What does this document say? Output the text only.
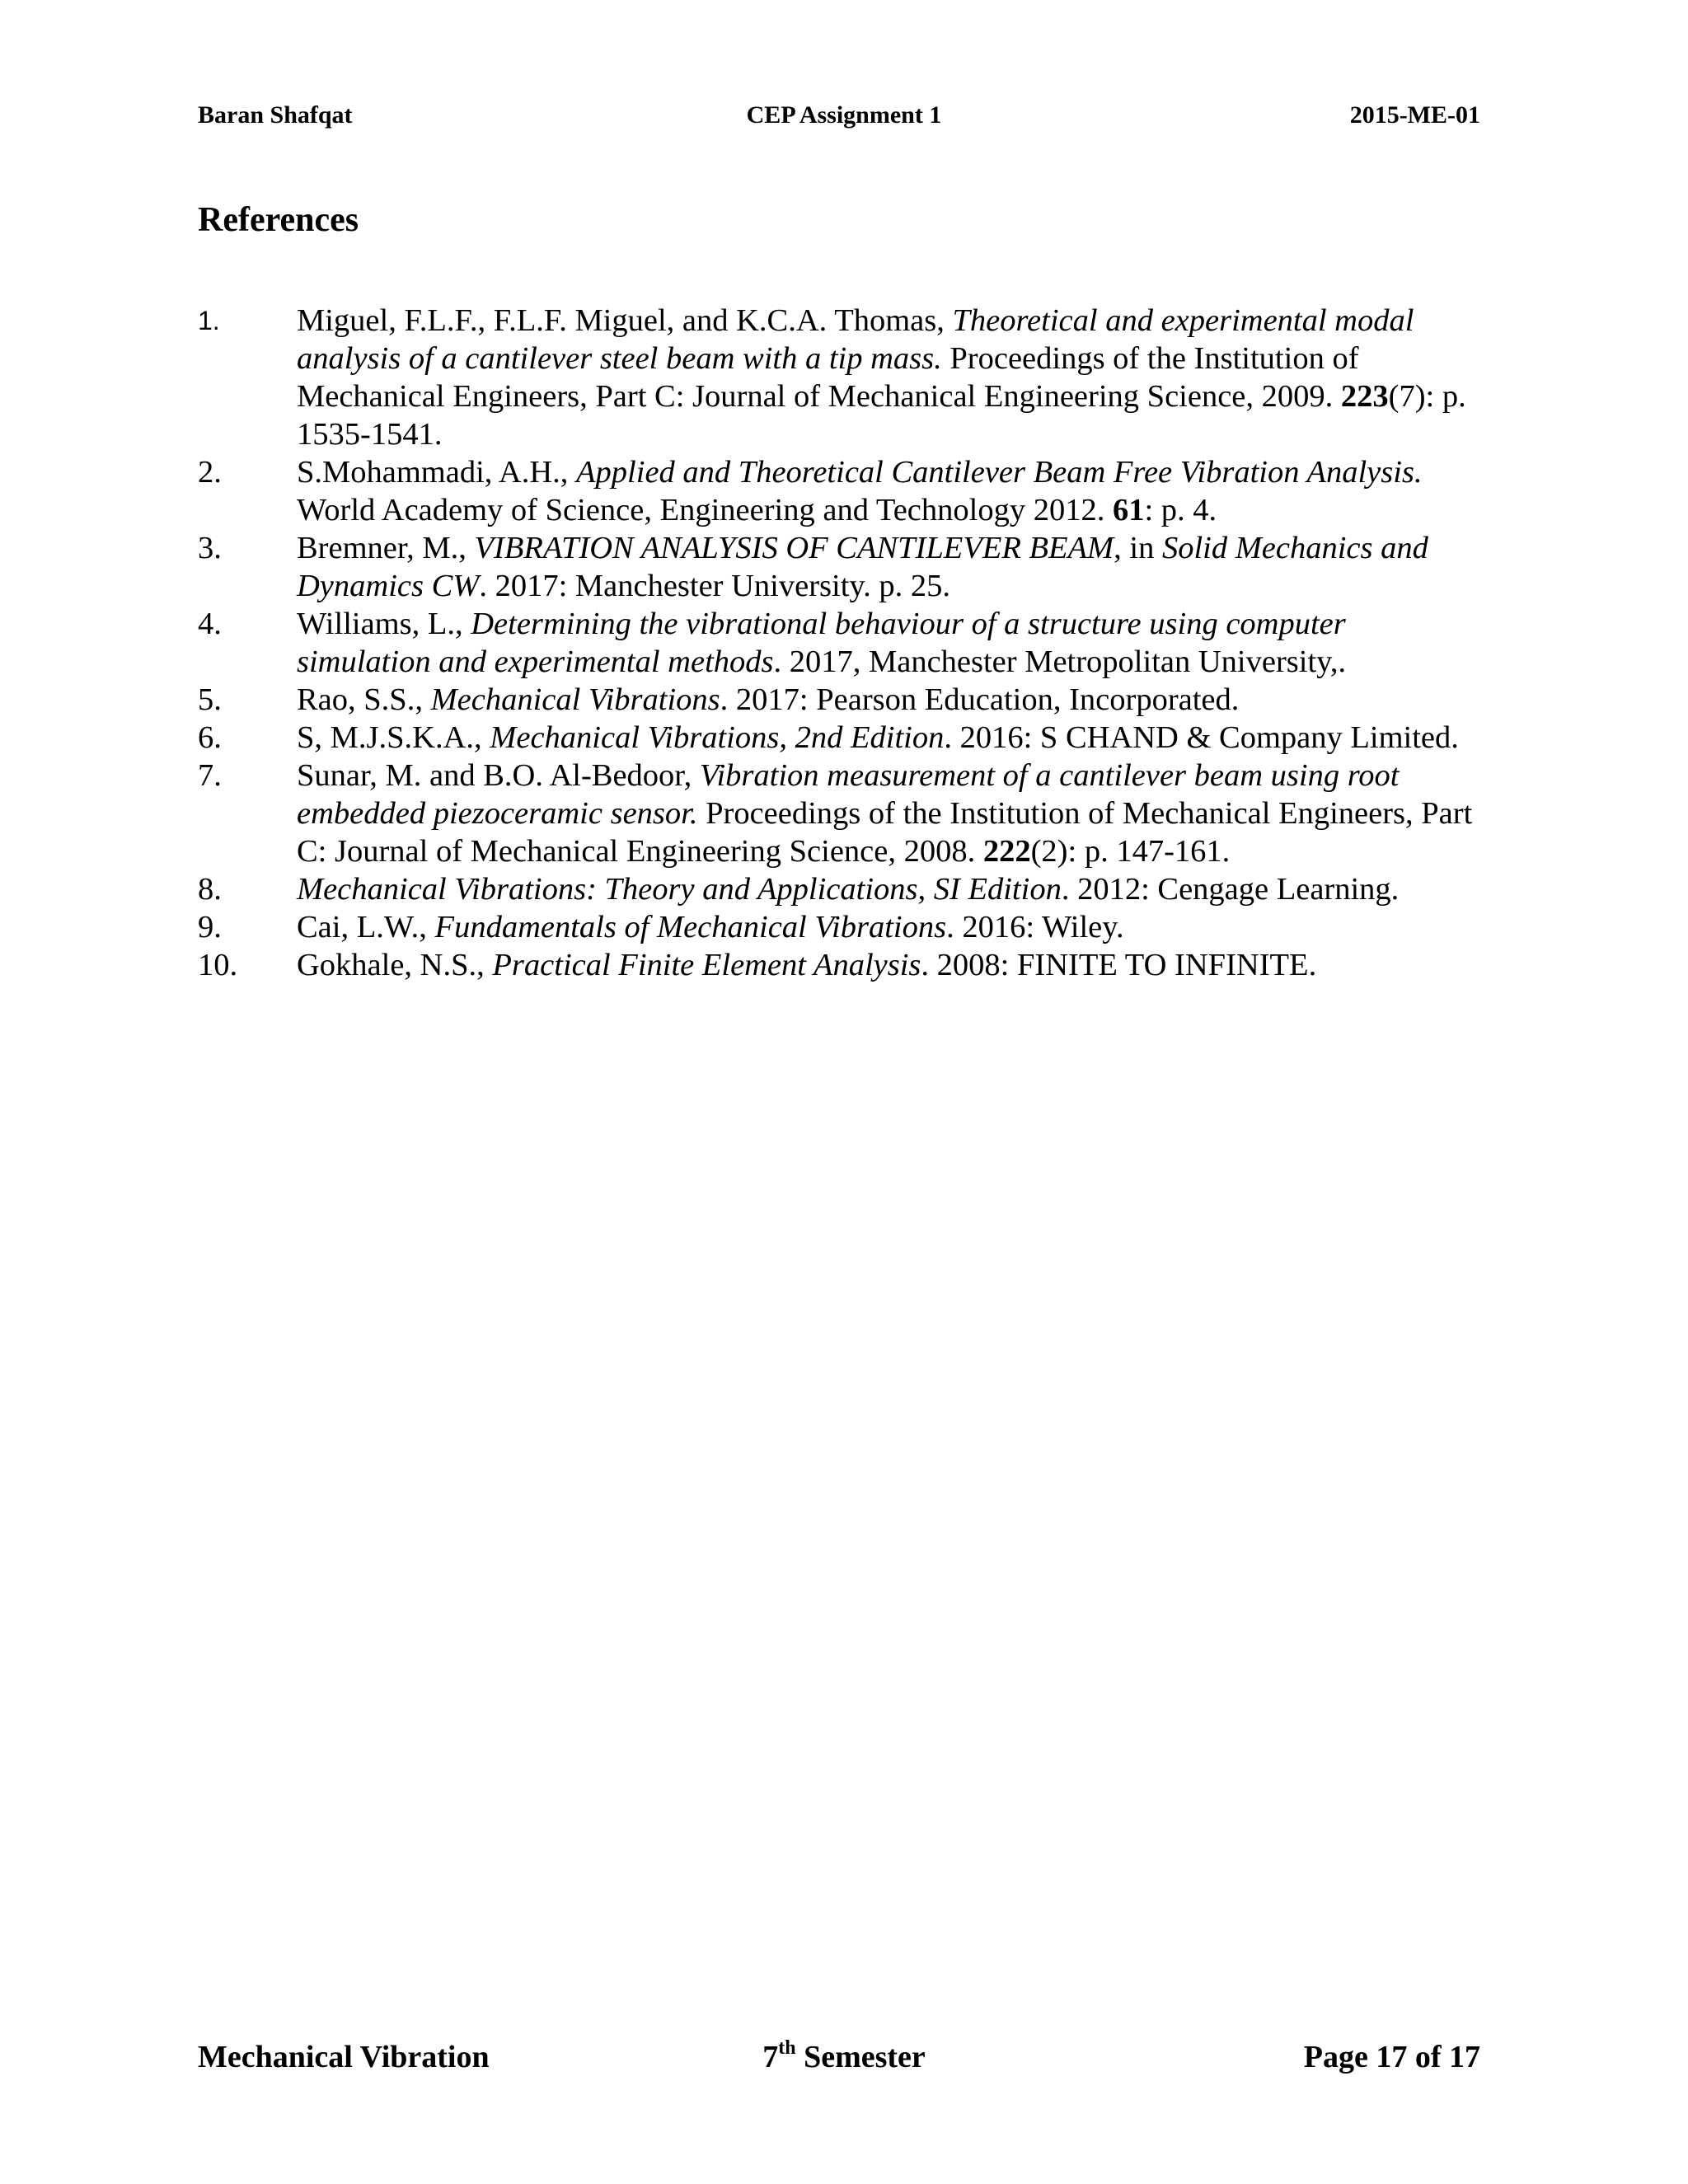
Baran Shafqat	CEP Assignment 1	2015-ME-01
References
1.	Miguel, F.L.F., F.L.F. Miguel, and K.C.A. Thomas, Theoretical and experimental modal analysis of a cantilever steel beam with a tip mass. Proceedings of the Institution of Mechanical Engineers, Part C: Journal of Mechanical Engineering Science, 2009. 223(7): p. 1535-1541.
2.	S.Mohammadi, A.H., Applied and Theoretical Cantilever Beam Free Vibration Analysis. World Academy of Science, Engineering and Technology 2012. 61: p. 4.
3.	Bremner, M., VIBRATION ANALYSIS OF CANTILEVER BEAM, in Solid Mechanics and Dynamics CW. 2017: Manchester University. p. 25.
4.	Williams, L., Determining the vibrational behaviour of a structure using computer simulation and experimental methods. 2017, Manchester Metropolitan University,.
5.	Rao, S.S., Mechanical Vibrations. 2017: Pearson Education, Incorporated.
6.	S, M.J.S.K.A., Mechanical Vibrations, 2nd Edition. 2016: S CHAND & Company Limited.
7.	Sunar, M. and B.O. Al-Bedoor, Vibration measurement of a cantilever beam using root embedded piezoceramic sensor. Proceedings of the Institution of Mechanical Engineers, Part C: Journal of Mechanical Engineering Science, 2008. 222(2): p. 147-161.
8.	Mechanical Vibrations: Theory and Applications, SI Edition. 2012: Cengage Learning.
9.	Cai, L.W., Fundamentals of Mechanical Vibrations. 2016: Wiley.
10.	Gokhale, N.S., Practical Finite Element Analysis. 2008: FINITE TO INFINITE.
Mechanical Vibration	7th Semester	Page 17 of 17
